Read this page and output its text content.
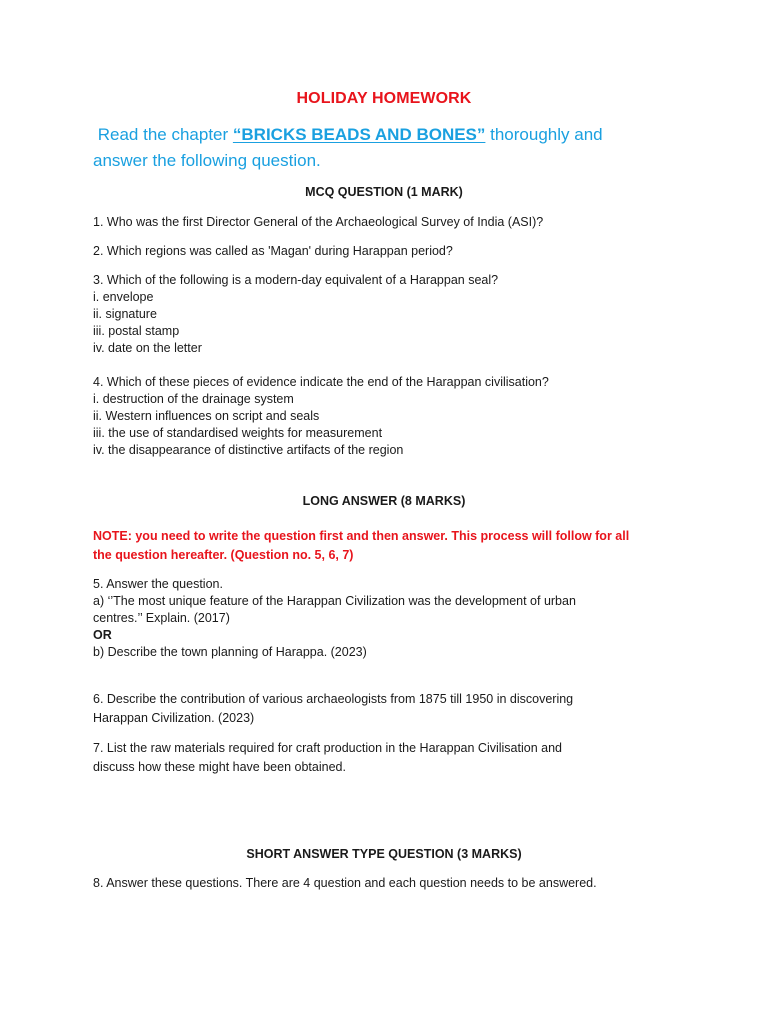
HOLIDAY HOMEWORK
Read the chapter “BRICKS BEADS AND BONES” thoroughly and
answer the following question.
MCQ QUESTION (1 MARK)
1. Who was the first Director General of the Archaeological Survey of India (ASI)?
2. Which regions was called as 'Magan' during Harappan period?
3. Which of the following is a modern-day equivalent of a Harappan seal?
i. envelope
ii. signature
iii. postal stamp
iv. date on the letter
4. Which of these pieces of evidence indicate the end of the Harappan civilisation?
i. destruction of the drainage system
ii. Western influences on script and seals
iii. the use of standardised weights for measurement
iv. the disappearance of distinctive artifacts of the region
LONG ANSWER (8 MARKS)
NOTE: you need to write the question first and then answer. This process will follow for all
the question hereafter. (Question no. 5, 6, 7)
5. Answer the question.
a) ‘’The most unique feature of the Harappan Civilization was the development of urban
centres.’’ Explain. (2017)
OR
b) Describe the town planning of Harappa. (2023)
6. Describe the contribution of various archaeologists from 1875 till 1950 in discovering
Harappan Civilization. (2023)
7. List the raw materials required for craft production in the Harappan Civilisation and
discuss how these might have been obtained.
SHORT ANSWER TYPE QUESTION (3 MARKS)
8. Answer these questions. There are 4 question and each question needs to be answered.
